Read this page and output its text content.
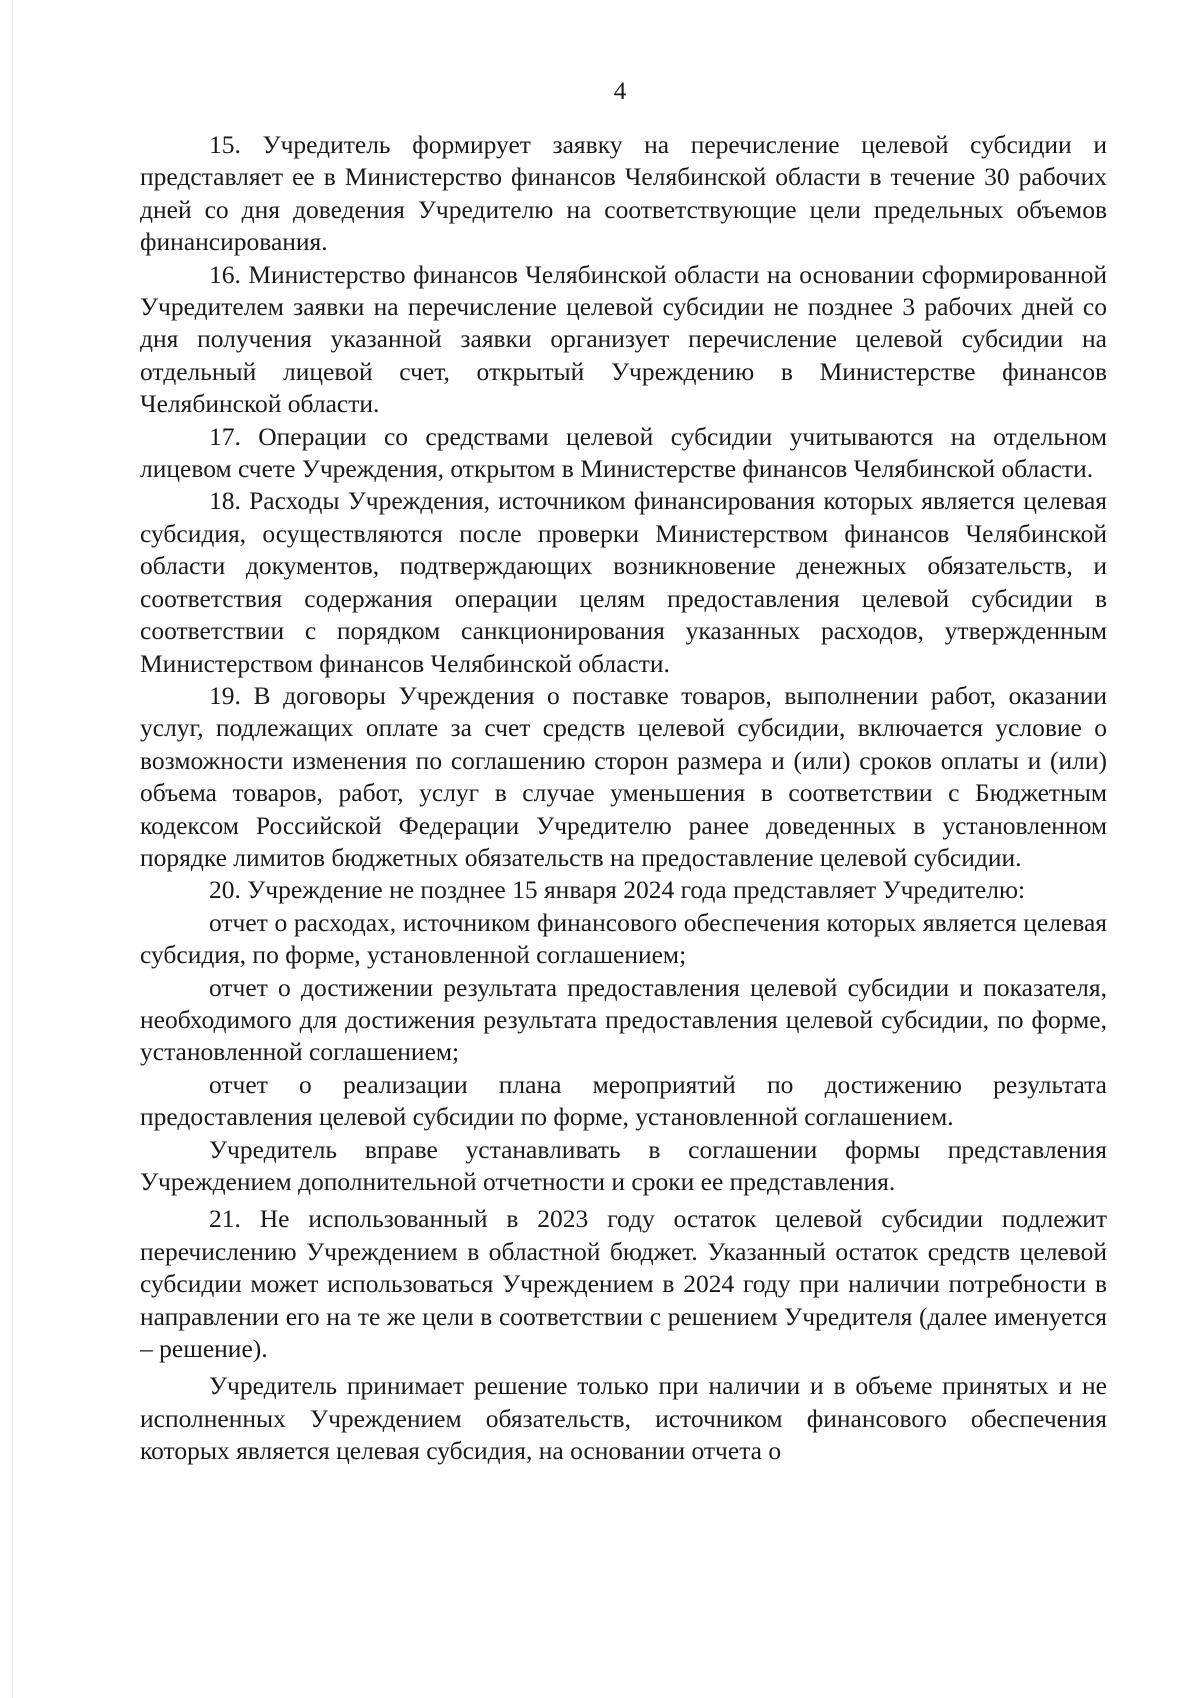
4

15. Учредитель формирует заявку на перечисление целевой субсидии и представляет ее в Министерство финансов Челябинской области в течение 30 рабочих дней со дня доведения Учредителю на соответствующие цели предельных объемов финансирования.

16. Министерство финансов Челябинской области на основании сформированной Учредителем заявки на перечисление целевой субсидии не позднее 3 рабочих дней со дня получения указанной заявки организует перечисление целевой субсидии на отдельный лицевой счет, открытый Учреждению в Министерстве финансов Челябинской области.

17. Операции со средствами целевой субсидии учитываются на отдельном лицевом счете Учреждения, открытом в Министерстве финансов Челябинской области.

18. Расходы Учреждения, источником финансирования которых является целевая субсидия, осуществляются после проверки Министерством финансов Челябинской области документов, подтверждающих возникновение денежных обязательств, и соответствия содержания операции целям предоставления целевой субсидии в соответствии с порядком санкционирования указанных расходов, утвержденным Министерством финансов Челябинской области.

19. В договоры Учреждения о поставке товаров, выполнении работ, оказании услуг, подлежащих оплате за счет средств целевой субсидии, включается условие о возможности изменения по соглашению сторон размера и (или) сроков оплаты и (или) объема товаров, работ, услуг в случае уменьшения в соответствии с Бюджетным кодексом Российской Федерации Учредителю ранее доведенных в установленном порядке лимитов бюджетных обязательств на предоставление целевой субсидии.

20. Учреждение не позднее 15 января 2024 года представляет Учредителю:

отчет о расходах, источником финансового обеспечения которых является целевая субсидия, по форме, установленной соглашением;

отчет о достижении результата предоставления целевой субсидии и показателя, необходимого для достижения результата предоставления целевой субсидии, по форме, установленной соглашением;

отчет о реализации плана мероприятий по достижению результата предоставления целевой субсидии по форме, установленной соглашением.

Учредитель вправе устанавливать в соглашении формы представления Учреждением дополнительной отчетности и сроки ее представления.

21. Не использованный в 2023 году остаток целевой субсидии подлежит перечислению Учреждением в областной бюджет. Указанный остаток средств целевой субсидии может использоваться Учреждением в 2024 году при наличии потребности в направлении его на те же цели в соответствии с решением Учредителя (далее именуется – решение).

Учредитель принимает решение только при наличии и в объеме принятых и не исполненных Учреждением обязательств, источником финансового обеспечения которых является целевая субсидия, на основании отчета о
